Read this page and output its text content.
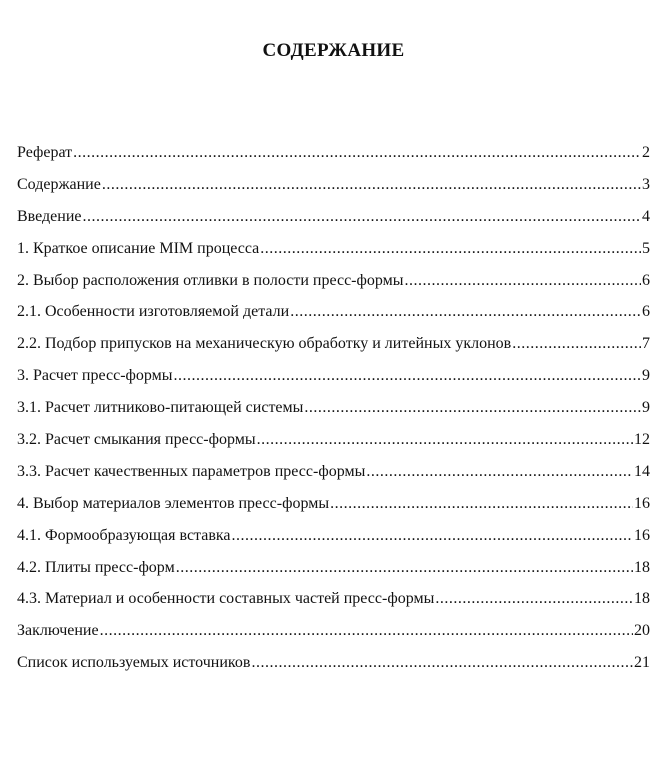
СОДЕРЖАНИЕ
Реферат .....	2
Содержание .....	3
Введение .....	4
1. Краткое описание MIM процесса .....	5
2. Выбор расположения отливки в полости пресс-формы .....	6
2.1. Особенности изготовляемой детали .....	6
2.2. Подбор припусков на механическую обработку и литейных уклонов .....	7
3. Расчет пресс-формы .....	9
3.1. Расчет литниково-питающей системы .....	9
3.2. Расчет смыкания пресс-формы .....	12
3.3. Расчет качественных параметров пресс-формы .....	14
4. Выбор материалов элементов пресс-формы .....	16
4.1. Формообразующая вставка .....	16
4.2. Плиты пресс-форм .....	18
4.3. Материал и особенности составных частей пресс-формы .....	18
Заключение .....	20
Список используемых источников .....	21
